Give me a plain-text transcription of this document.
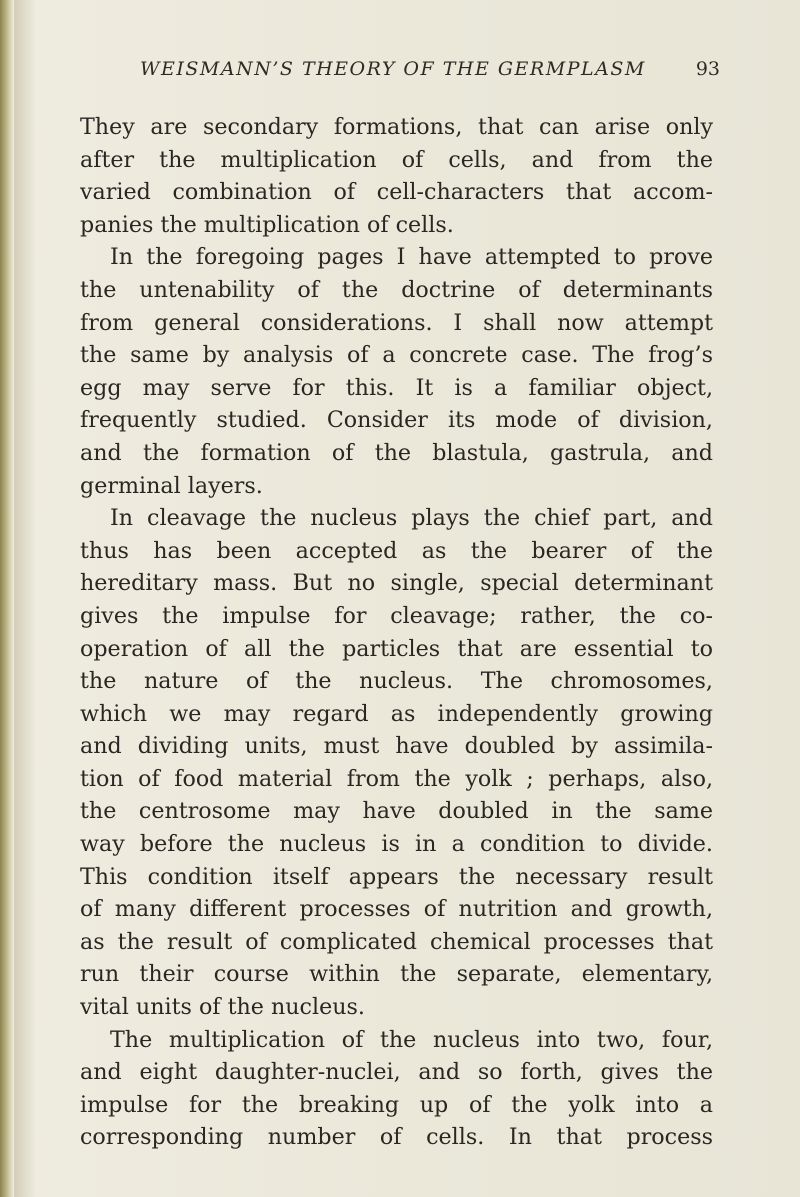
WEISMANN’S THEORY OF THE GERMPLASM	93
They are secondary formations, that can arise only
after the multiplication of cells, and from the
varied combination of cell-characters that accom-
panies the multiplication of cells.
In the foregoing pages I have attempted to prove
the untenability of the doctrine of determinants
from general considerations. I shall now attempt
the same by analysis of a concrete case. The frog’s
egg may serve for this. It is a familiar object,
frequently studied. Consider its mode of division,
and the formation of the blastula, gastrula, and
germinal layers.
In cleavage the nucleus plays the chief part, and
thus has been accepted as the bearer of the
hereditary mass. But no single, special determinant
gives the impulse for cleavage; rather, the co-
operation of all the particles that are essential to
the nature of the nucleus. The chromosomes,
which we may regard as independently growing
and dividing units, must have doubled by assimila-
tion of food material from the yolk ; perhaps, also,
the centrosome may have doubled in the same
way before the nucleus is in a condition to divide.
This condition itself appears the necessary result
of many different processes of nutrition and growth,
as the result of complicated chemical processes that
run their course within the separate, elementary,
vital units of the nucleus.
The multiplication of the nucleus into two, four,
and eight daughter-nuclei, and so forth, gives the
impulse for the breaking up of the yolk into a
corresponding number of cells. In that process
